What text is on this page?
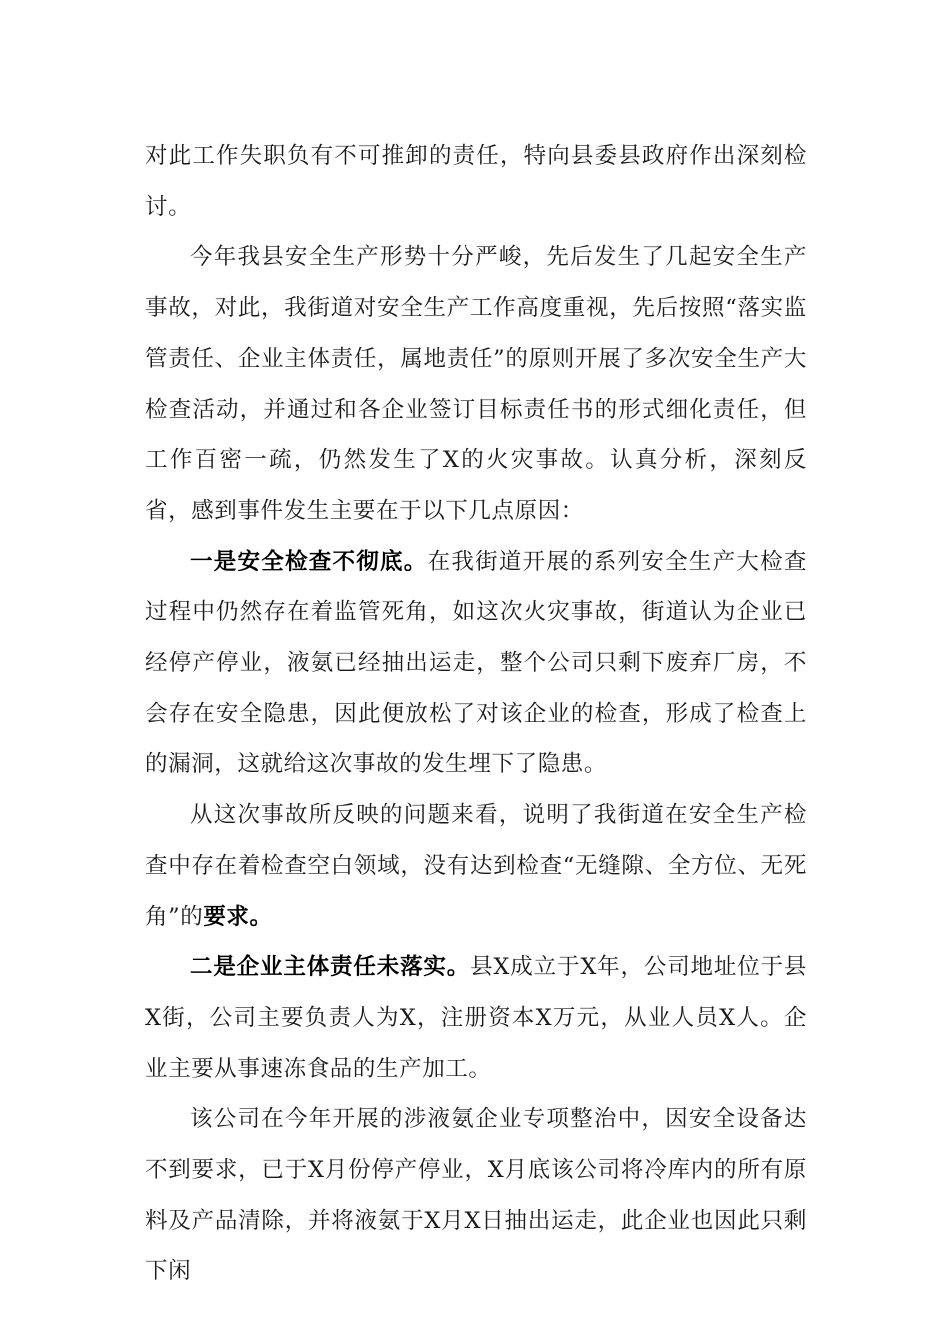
对此工作失职负有不可推卸的责任，特向县委县政府作出深刻检讨。

今年我县安全生产形势十分严峻，先后发生了几起安全生产事故，对此，我街道对安全生产工作高度重视，先后按照“落实监管责任、企业主体责任，属地责任”的原则开展了多次安全生产大检查活动，并通过和各企业签订目标责任书的形式细化责任，但工作百密一疏，仍然发生了X的火灾事故。认真分析，深刻反省，感到事件发生主要在于以下几点原因：

一是安全检查不彻底。在我街道开展的系列安全生产大检查过程中仍然存在着监管死角，如这次火灾事故，街道认为企业已经停产停业，液氨已经抽出运走，整个公司只剩下废弃厂房，不会存在安全隐患，因此便放松了对该企业的检查，形成了检查上的漏洞，这就给这次事故的发生埋下了隐患。

从这次事故所反映的问题来看，说明了我街道在安全生产检查中存在着检查空白领域，没有达到检查“无缝隙、全方位、无死角”的要求。

二是企业主体责任未落实。县X成立于X年，公司地址位于县X街，公司主要负责人为X，注册资本X万元，从业人员X人。企业主要从事速冻食品的生产加工。

该公司在今年开展的涉液氨企业专项整治中，因安全设备达不到要求，已于X月份停产停业，X月底该公司将冷库内的所有原料及产品清除，并将液氨于X月X日抽出运走，此企业也因此只剩下闲
